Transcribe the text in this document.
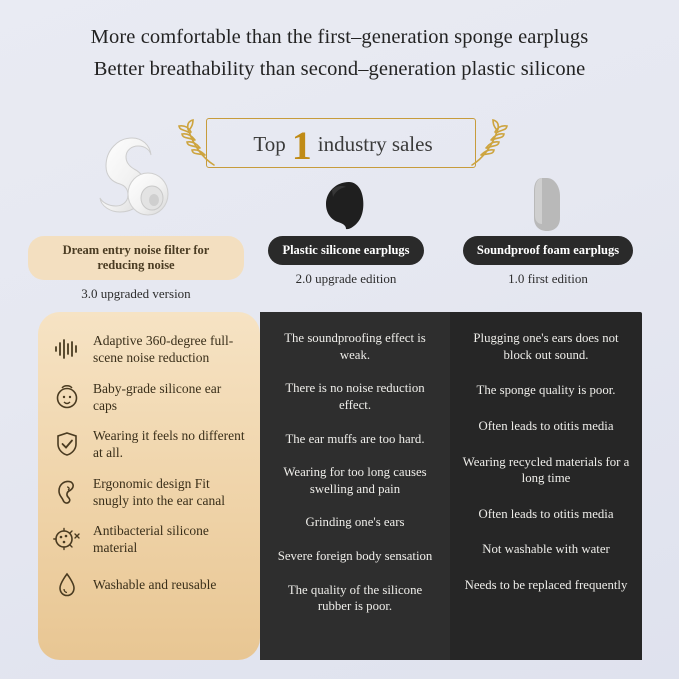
More comfortable than the first–generation sponge earplugs
Better breathability than second–generation plastic silicone
Top 1 industry sales
Dream entry noise filter for reducing noise
3.0 upgraded version
Plastic silicone earplugs
2.0 upgrade edition
Soundproof foam earplugs
1.0 first edition
Adaptive 360-degree full-scene noise reduction
Baby-grade silicone ear caps
Wearing it feels no different at all.
Ergonomic design Fit snugly into the ear canal
Antibacterial silicone material
Washable and reusable

The soundproofing effect is weak.

There is no noise reduction effect.

The ear muffs are too hard.

Wearing for too long causes swelling and pain

Grinding one's ears

Severe foreign body sensation

The quality of the silicone rubber is poor.

Plugging one's ears does not block out sound.

The sponge quality is poor.

Often leads to otitis media

Wearing recycled materials for a long time

Often leads to otitis media

Not washable with water

Needs to be replaced frequently
